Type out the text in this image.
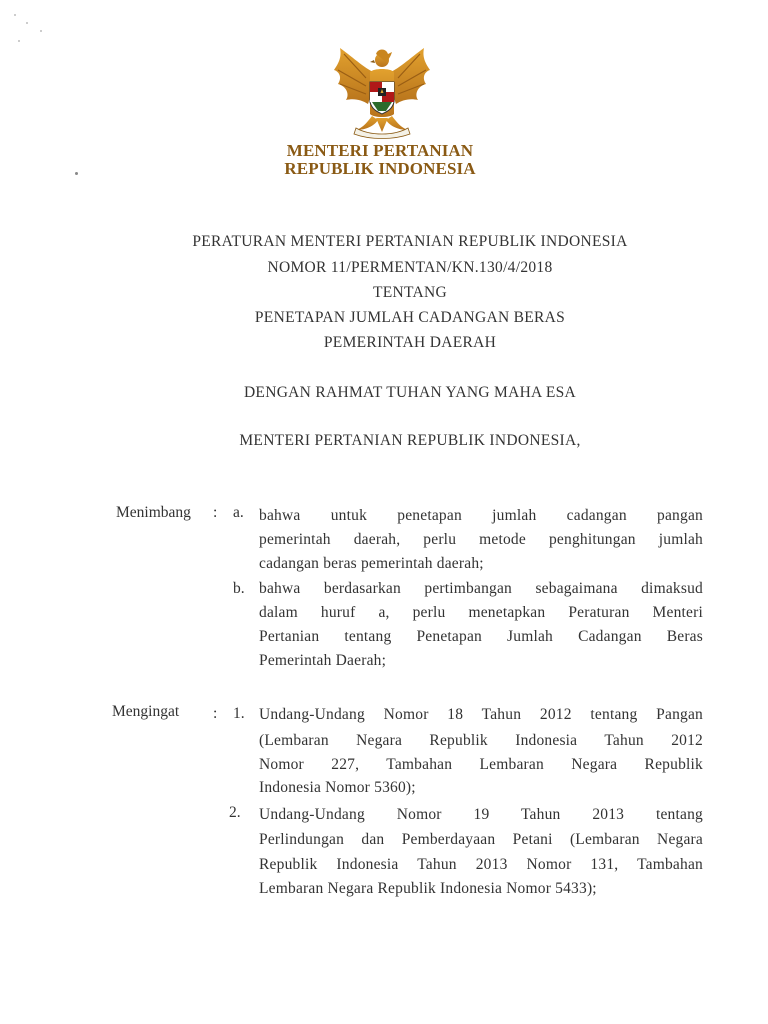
MENTERI PERTANIAN
REPUBLIK INDONESIA
PERATURAN MENTERI PERTANIAN REPUBLIK INDONESIA
NOMOR 11/PERMENTAN/KN.130/4/2018
TENTANG
PENETAPAN JUMLAH CADANGAN BERAS
PEMERINTAH DAERAH
DENGAN RAHMAT TUHAN YANG MAHA ESA
MENTERI PERTANIAN REPUBLIK INDONESIA,
Menimbang : a. bahwa untuk penetapan jumlah cadangan pangan
pemerintah daerah, perlu metode penghitungan jumlah
cadangan beras pemerintah daerah;
b. bahwa berdasarkan pertimbangan sebagaimana dimaksud
dalam huruf a, perlu menetapkan Peraturan Menteri
Pertanian tentang Penetapan Jumlah Cadangan Beras
Pemerintah Daerah;
Mengingat : 1. Undang-Undang Nomor 18 Tahun 2012 tentang Pangan
(Lembaran Negara Republik Indonesia Tahun 2012
Nomor 227, Tambahan Lembaran Negara Republik
Indonesia Nomor 5360);
2. Undang-Undang Nomor 19 Tahun 2013 tentang
Perlindungan dan Pemberdayaan Petani (Lembaran Negara
Republik Indonesia Tahun 2013 Nomor 131, Tambahan
Lembaran Negara Republik Indonesia Nomor 5433);
